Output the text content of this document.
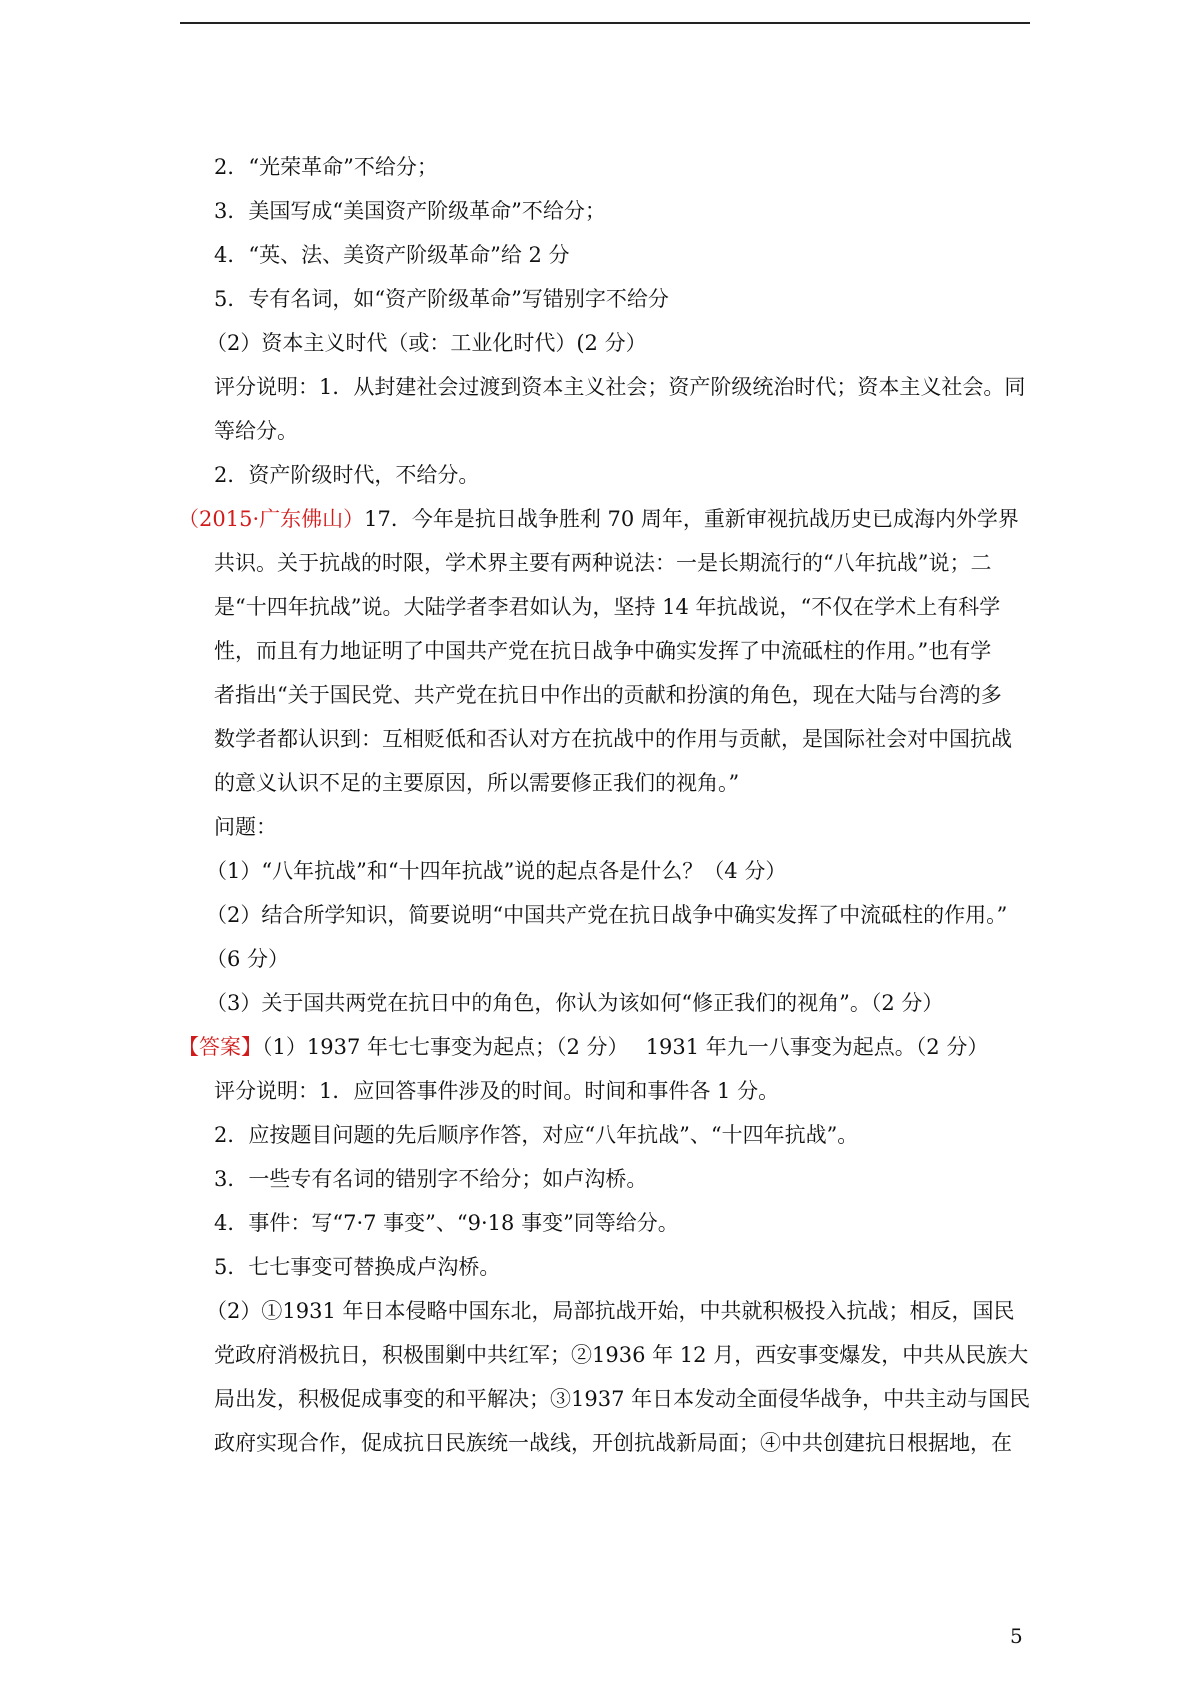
2．“光荣革命”不给分；
3．美国写成“美国资产阶级革命”不给分；
4．“英、法、美资产阶级革命”给 2 分
5．专有名词，如“资产阶级革命”写错别字不给分
（2）资本主义时代（或：工业化时代）(2 分）
评分说明：1．从封建社会过渡到资本主义社会；资产阶级统治时代；资本主义社会。同
等给分。
2．资产阶级时代，不给分。
（2015·广东佛山）17．今年是抗日战争胜利 70 周年，重新审视抗战历史已成海内外学界
共识。关于抗战的时限，学术界主要有两种说法：一是长期流行的“八年抗战”说；二
是“十四年抗战”说。大陆学者李君如认为，坚持 14 年抗战说，“不仅在学术上有科学
性，而且有力地证明了中国共产党在抗日战争中确实发挥了中流砥柱的作用。”也有学
者指出“关于国民党、共产党在抗日中作出的贡献和扮演的角色，现在大陆与台湾的多
数学者都认识到：互相贬低和否认对方在抗战中的作用与贡献，是国际社会对中国抗战
的意义认识不足的主要原因，所以需要修正我们的视角。”
问题：
（1）“八年抗战”和“十四年抗战”说的起点各是什么？（4 分）
（2）结合所学知识，简要说明“中国共产党在抗日战争中确实发挥了中流砥柱的作用。”
（6 分）
（3）关于国共两党在抗日中的角色，你认为该如何“修正我们的视角”。（2 分）
【答案】（1）1937 年七七事变为起点；（2 分）　 1931 年九一八事变为起点。（2 分）
评分说明：1．应回答事件涉及的时间。时间和事件各 1 分。
2．应按题目问题的先后顺序作答，对应“八年抗战”、“十四年抗战”。
3．一些专有名词的错别字不给分；如卢沟桥。
4．事件：写“7·7 事变”、“9·18 事变”同等给分。
5．七七事变可替换成卢沟桥。
（2）①1931 年日本侵略中国东北，局部抗战开始，中共就积极投入抗战；相反，国民
党政府消极抗日，积极围剿中共红军；②1936 年 12 月，西安事变爆发，中共从民族大
局出发，积极促成事变的和平解决；③1937 年日本发动全面侵华战争，中共主动与国民
政府实现合作，促成抗日民族统一战线，开创抗战新局面；④中共创建抗日根据地，在
5
